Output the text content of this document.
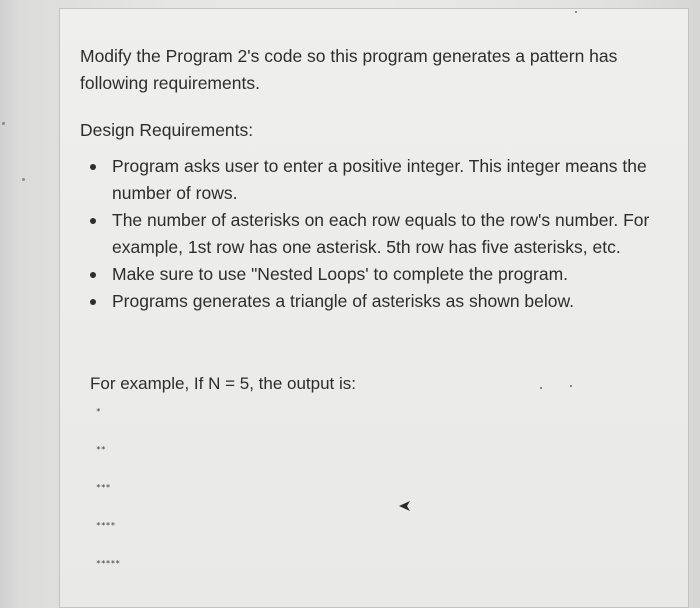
Modify the Program 2's code so this program generates a pattern has following requirements.

Design Requirements:

Program asks user to enter a positive integer. This integer means the number of rows.
The number of asterisks on each row equals to the row's number. For example, 1st row has one asterisk. 5th row has five asterisks, etc.
Make sure to use "Nested Loops' to complete the program.
Programs generates a triangle of asterisks as shown below.

For example, If N = 5, the output is:

*
**
***
****
*****
